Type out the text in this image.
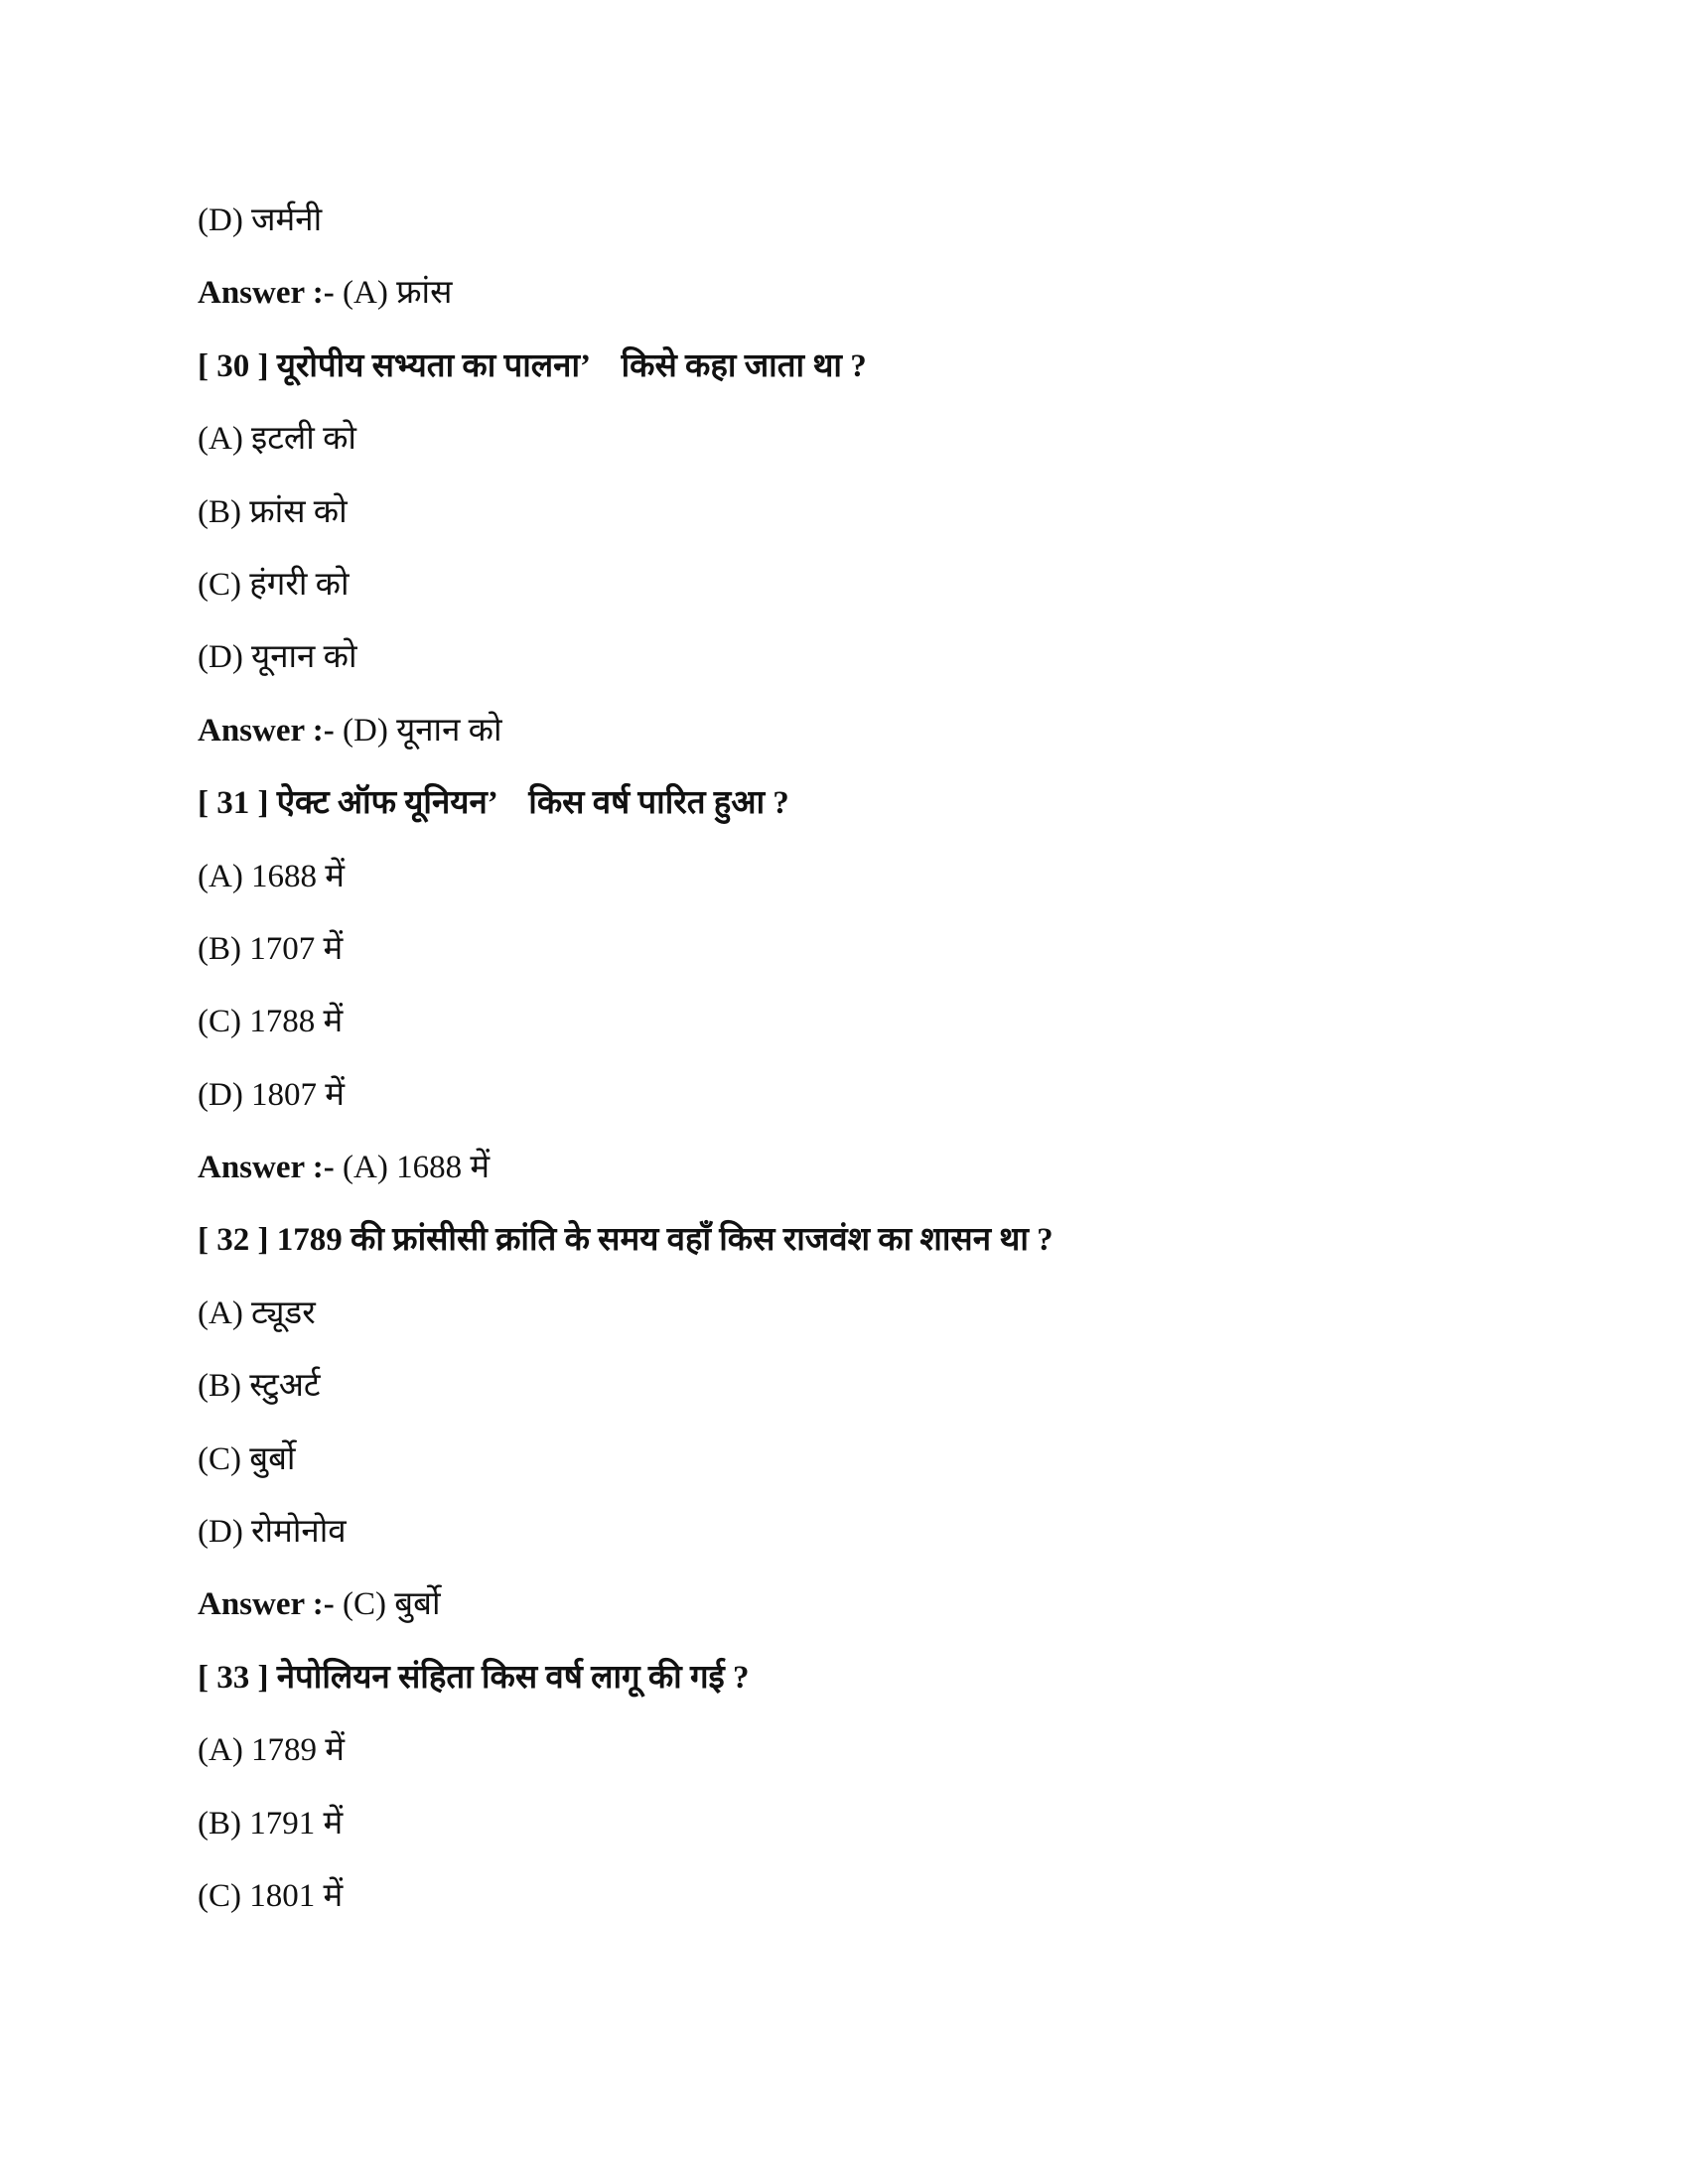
(D) जर्मनी
Answer :- (A) फ्रांस
[ 30 ] यूरोपीय सभ्यता का पालना’    किसे कहा जाता था ?
(A) इटली को
(B) फ्रांस को
(C) हंगरी को
(D) यूनान को
Answer :- (D) यूनान को
[ 31 ] ऐक्ट ऑफ यूनियन’    किस वर्ष पारित हुआ ?
(A) 1688 में
(B) 1707 में
(C) 1788 में
(D) 1807 में
Answer :- (A) 1688 में
[ 32 ] 1789 की फ्रांसीसी क्रांति के समय वहाँ किस राजवंश का शासन था ?
(A) ट्यूडर
(B) स्टुअर्ट
(C) बुर्बो
(D) रोमोनोव
Answer :- (C) बुर्बो
[ 33 ] नेपोलियन संहिता किस वर्ष लागू की गई ?
(A) 1789 में
(B) 1791 में
(C) 1801 में
